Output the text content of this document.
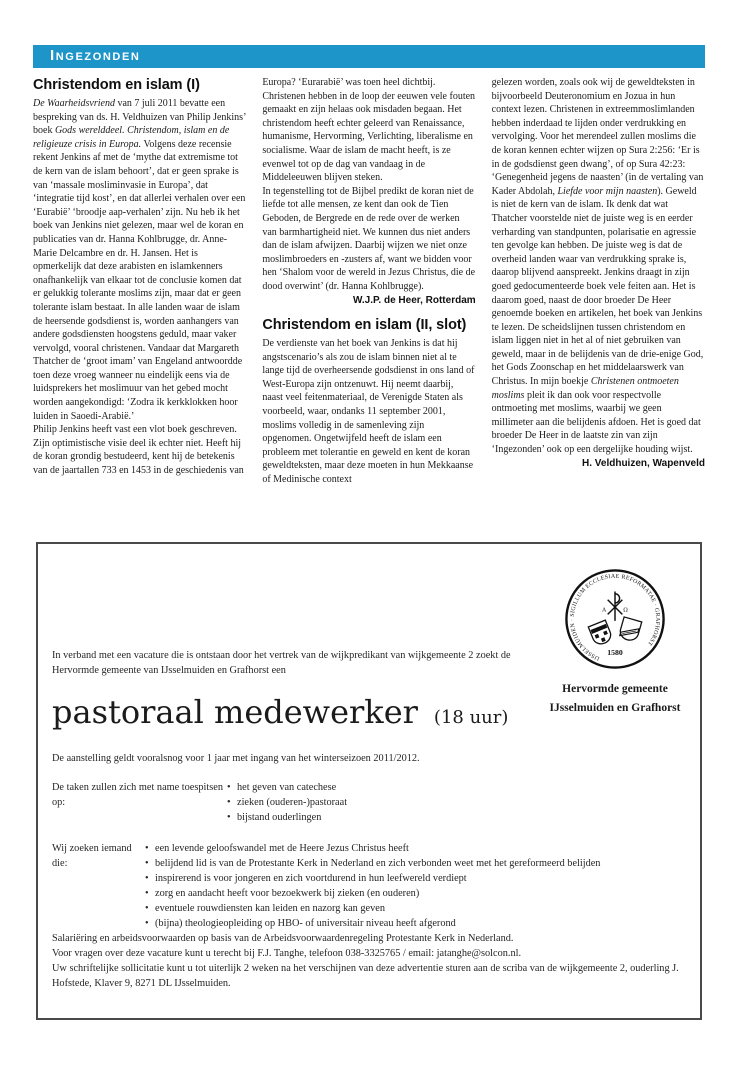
Ingezonden
Christendom en islam (I)

De Waarheidsvriend van 7 juli 2011 bevatte een bespreking van ds. H. Veldhuizen van Philip Jenkins’ boek Gods werelddeel. Christendom, islam en de religieuze crisis in Europa. Volgens deze recensie rekent Jenkins af met de ‘mythe dat extremisme tot de kern van de islam behoort’, dat er geen sprake is van ‘massale mosliminvasie in Europa’, dat ‘integratie tijd kost’, en dat allerlei verhalen over een ‘Eurabië’ ‘broodje aap-verhalen’ zijn. Nu heb ik het boek van Jenkins niet gelezen, maar wel de koran en publicaties van dr. Hanna Kohlbrugge, dr. Anne-Marie Delcambre en dr. H. Jansen. Het is opmerkelijk dat deze arabisten en islamkenners onafhankelijk van elkaar tot de conclusie komen dat er gelukkig tolerante moslims zijn, maar dat er geen tolerante islam bestaat. In alle landen waar de islam de heersende godsdienst is, worden aanhangers van andere godsdiensten hoogstens geduld, maar vaker vervolgd, vooral christenen. Vandaar dat Margareth Thatcher de ‘groot imam’ van Engeland antwoordde toen deze vroeg wanneer nu eindelijk eens via de luidsprekers het moslimuur van het gebed mocht worden aangekondigd: ‘Zodra ik kerkklokken hoor luiden in Saoedi-Arabië.’

Philip Jenkins heeft vast een vlot boek geschreven. Zijn optimistische visie deel ik echter niet. Heeft hij de koran grondig bestudeerd, kent hij de betekenis van de jaartallen 733 en 1453 in de geschiedenis van

Europa? ‘Eurarabië’ was toen heel dichtbij. Christenen hebben in de loop der eeuwen vele fouten gemaakt en zijn helaas ook misdaden begaan. Het christendom heeft echter geleerd van Renaissance, humanisme, Hervorming, Verlichting, liberalisme en socialisme. Waar de islam de macht heeft, is ze evenwel tot op de dag van vandaag in de Middeleeuwen blijven steken.

In tegenstelling tot de Bijbel predikt de koran niet de liefde tot alle mensen, ze kent dan ook de Tien Geboden, de Bergrede en de rede over de werken van barmhartigheid niet. We kunnen dus niet anders dan de islam afwijzen. Daarbij wijzen we niet onze moslimbroeders en -zusters af, want we bidden voor hen ‘Shalom voor de wereld in Jezus Christus, die de dood overwint’ (dr. Hanna Kohlbrugge).

W.J.P. de Heer, Rotterdam

Christendom en islam (II, slot)

De verdienste van het boek van Jenkins is dat hij angstscenario’s als zou de islam binnen niet al te lange tijd de overheersende godsdienst in ons land of West-Europa zijn ontzenuwt. Hij neemt daarbij, naast veel feitenmateriaal, de Verenigde Staten als voorbeeld, waar, ondanks 11 september 2001, moslims volledig in de samenleving zijn opgenomen. Ongetwijfeld heeft de islam een probleem met tolerantie en geweld en kent de koran geweldteksten, maar deze moeten in hun Mekkaanse of Medinische context

gelezen worden, zoals ook wij de geweldteksten in bijvoorbeeld Deuteronomium en Jozua in hun context lezen. Christenen in extreemmoslimlanden hebben inderdaad te lijden onder verdrukking en vervolging. Voor het merendeel zullen moslims die de koran kennen echter wijzen op Sura 2:256: ‘Er is in de godsdienst geen dwang’, of op Sura 42:23: ‘Genegenheid jegens de naasten’ (in de vertaling van Kader Abdolah, Liefde voor mijn naasten). Geweld is niet de kern van de islam. Ik denk dat wat Thatcher voorstelde niet de juiste weg is en eerder verharding van standpunten, polarisatie en agressie ten gevolge kan hebben. De juiste weg is dat de overheid landen waar van verdrukking sprake is, daarop blijvend aanspreekt. Jenkins draagt in zijn goed gedocumenteerde boek vele feiten aan. Het is daarom goed, naast de door broeder De Heer genoemde boeken en artikelen, het boek van Jenkins te lezen. De scheidslijnen tussen christendom en islam liggen niet in het al of niet gebruiken van geweld, maar in de belijdenis van de drie-enige God, het Gods Zoonschap en het middelaarswerk van Christus. In mijn boekje Christenen ontmoeten moslims pleit ik dan ook voor respectvolle ontmoeting met moslims, waarbij we geen millimeter aan die belijdenis afdoen. Het is goed dat broeder De Heer in de laatste zin van zijn ‘Ingezonden’ ook op een dergelijke houding wijst.

H. Veldhuizen, Wapenveld

IJSSELMUIDEN · SIGILLUM ECCLESIAE REFORMATAE · GRAFHORST
Α	Ω
1580
Hervormde gemeente
IJsselmuiden en Grafhorst

In verband met een vacature die is ontstaan door het vertrek van de wijkpredikant van wijkgemeente 2 zoekt de Hervormde gemeente van IJsselmuiden en Grafhorst een

pastoraal medewerker (18 uur)

De aanstelling geldt vooralsnog voor 1 jaar met ingang van het winterseizoen 2011/2012.

De taken zullen zich met name toespitsen op:
• het geven van catechese
• zieken (ouderen-)pastoraat
• bijstand ouderlingen
Wij zoeken iemand die:
• een levende geloofswandel met de Heere Jezus Christus heeft
• belijdend lid is van de Protestante Kerk in Nederland en zich verbonden weet met het gereformeerd belijden
• inspirerend is voor jongeren en zich voortdurend in hun leefwereld verdiept
• zorg en aandacht heeft voor bezoekwerk bij zieken (en ouderen)
• eventuele rouwdiensten kan leiden en nazorg kan geven
• (bijna) theologieopleiding op HBO- of universitair niveau heeft afgerond

Salariëring en arbeidsvoorwaarden op basis van de Arbeidsvoorwaardenregeling Protestante Kerk in Nederland.

Voor vragen over deze vacature kunt u terecht bij F.J. Tanghe, telefoon 038-3325765 / email: jatanghe@solcon.nl.

Uw schriftelijke sollicitatie kunt u tot uiterlijk 2 weken na het verschijnen van deze advertentie sturen aan de scriba van de wijkgemeente 2, ouderling J. Hofstede, Klaver 9, 8271 DL IJsselmuiden.
